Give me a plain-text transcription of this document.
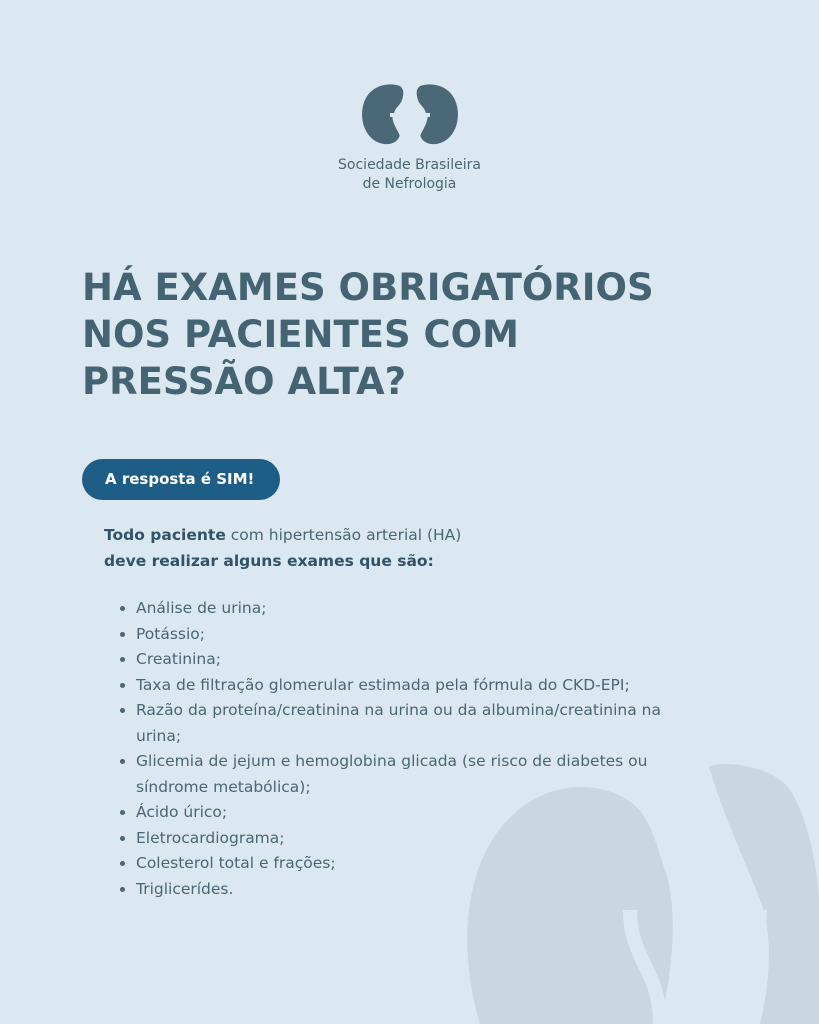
Sociedade Brasileira
de Nefrologia
HÁ EXAMES OBRIGATÓRIOS
NOS PACIENTES COM
PRESSÃO ALTA?
A resposta é SIM!
Todo paciente com hipertensão arterial (HA)
deve realizar alguns exames que são:
• Análise de urina;
• Potássio;
• Creatinina;
• Taxa de filtração glomerular estimada pela fórmula do CKD-EPI;
• Razão da proteína/creatinina na urina ou da albumina/creatinina na urina;
• Glicemia de jejum e hemoglobina glicada (se risco de diabetes ou síndrome metabólica);
• Ácido úrico;
• Eletrocardiograma;
• Colesterol total e frações;
• Triglicerídes.
